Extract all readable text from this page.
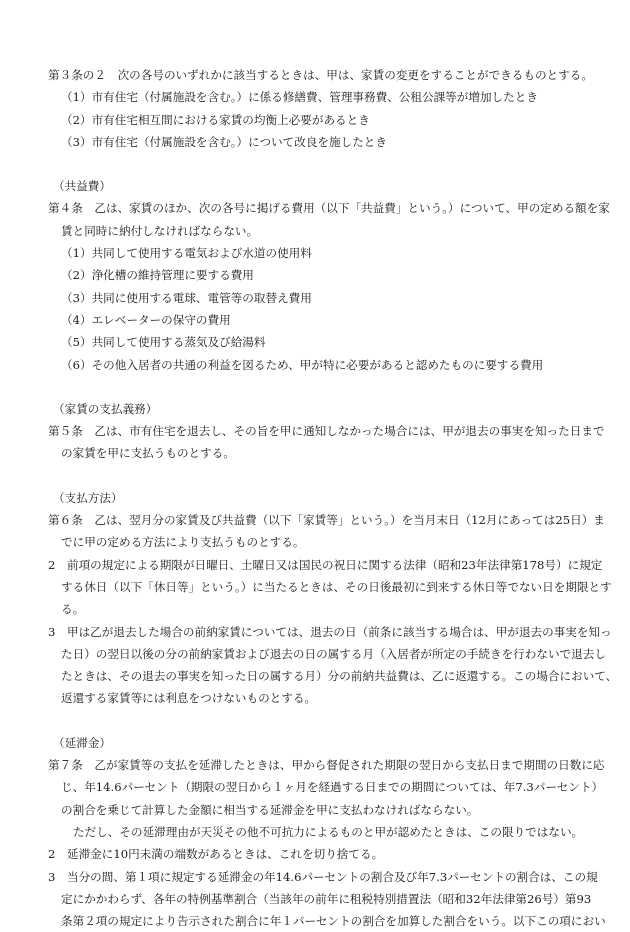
第３条の２　次の各号のいずれかに該当するときは、甲は、家賃の変更をすることができるものとする。
（1）市有住宅（付属施設を含む。）に係る修繕費、管理事務費、公租公課等が増加したとき
（2）市有住宅相互間における家賃の均衡上必要があるとき
（3）市有住宅（付属施設を含む。）について改良を施したとき
（共益費）
第４条　乙は、家賃のほか、次の各号に掲げる費用（以下「共益費」という。）について、甲の定める額を家
賃と同時に納付しなければならない。
（1）共同して使用する電気および水道の使用料
（2）浄化槽の維持管理に要する費用
（3）共同に使用する電球、電管等の取替え費用
（4）エレベーターの保守の費用
（5）共同して使用する蒸気及び給湯料
（6）その他入居者の共通の利益を図るため、甲が特に必要があると認めたものに要する費用
（家賃の支払義務）
第５条　乙は、市有住宅を退去し、その旨を甲に通知しなかった場合には、甲が退去の事実を知った日まで
の家賃を甲に支払うものとする。
（支払方法）
第６条　乙は、翌月分の家賃及び共益費（以下「家賃等」という。）を当月末日（12月にあっては25日）ま
でに甲の定める方法により支払うものとする。
2　前項の規定による期限が日曜日、土曜日又は国民の祝日に関する法律（昭和23年法律第178号）に規定
する休日（以下「休日等」という。）に当たるときは、その日後最初に到来する休日等でない日を期限とす
る。
3　甲は乙が退去した場合の前納家賃については、退去の日（前条に該当する場合は、甲が退去の事実を知っ
た日）の翌日以後の分の前納家賃および退去の日の属する月（入居者が所定の手続きを行わないで退去し
たときは、その退去の事実を知った日の属する月）分の前納共益費は、乙に返還する。この場合において、
返還する家賃等には利息をつけないものとする。
（延滞金）
第７条　乙が家賃等の支払を延滞したときは、甲から督促された期限の翌日から支払日まで期間の日数に応
じ、年14.6パーセント（期限の翌日から１ヶ月を経過する日までの期間については、年7.3パーセント）
の割合を乗じて計算した金額に相当する延滞金を甲に支払わなければならない。
ただし、その延滞理由が天災その他不可抗力によるものと甲が認めたときは、この限りではない。
2　延滞金に10円未満の端数があるときは、これを切り捨てる。
3　当分の間、第１項に規定する延滞金の年14.6パーセントの割合及び年7.3パーセントの割合は、この規
定にかかわらず、各年の特例基準割合（当該年の前年に租税特別措置法（昭和32年法律第26号）第93
条第２項の規定により告示された割合に年１パーセントの割合を加算した割合をいう。以下この項におい
